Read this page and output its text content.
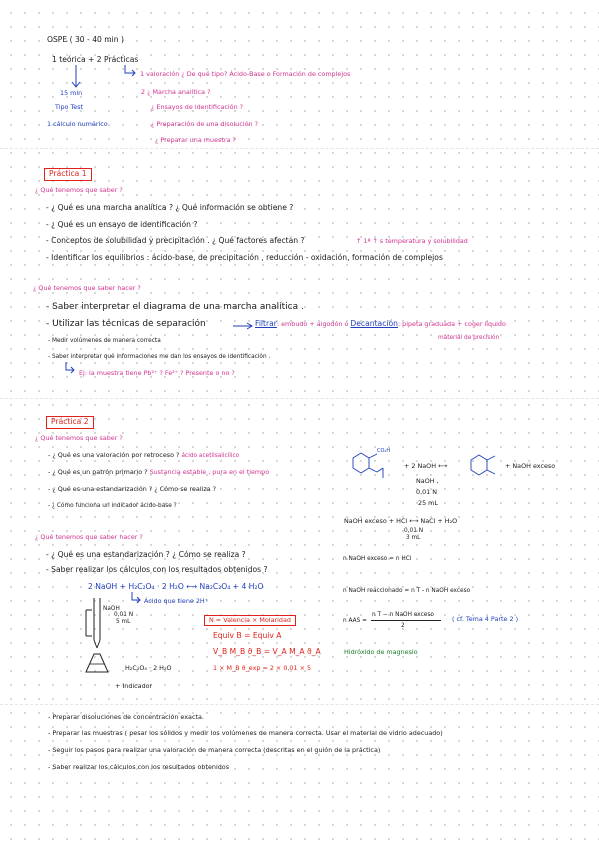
OSPE ( 30 - 40 min )
1 teórica + 2 Prácticas
1 valoración ¿ De qué tipo? Ácido-Base o Formación de complejos
15 min	2 ¿ Marcha analítica ?
Tipo Test	¿ Ensayos de identificación ?
1 cálculo numérico	¿ Preparación de una disolución ?
¿ Preparar una muestra ?
Práctica 1
¿ Qué tenemos que saber ?
- ¿ Qué es una marcha analítica ? ¿ Qué información se obtiene ?
- ¿ Qué es un ensayo de identificación ?
- Conceptos de solubilidad y precipitación . ¿ Qué factores afectan ?	↑ 1ª ↑ s temperatura y solubilidad
- Identificar los equilibrios : ácido-base, de precipitación , reducción - oxidación, formación de complejos
¿ Qué tenemos que saber hacer ?
- Saber interpretar el diagrama de una marcha analítica .
- Utilizar las técnicas de separación	Filtrar: embudo + algodón o Decantación: pipeta graduada + coger líquido
- Medir volúmenes de manera correcta	material de precisión
- Saber interpretar qué informaciones me dan los ensayos de identificación .
Ej: la muestra tiene Pb²⁺ ? Fe²⁺ ? Presente o no ?
Práctica 2
¿ Qué tenemos que saber ?
- ¿ Qué es una valoración por retroceso ? ácido acetilsalicílico
- ¿ Qué es un patrón primario ? Sustancia estable , pura en el tiempo
- ¿ Qué es una estandarización ? ¿ Cómo se realiza ?
- ¿ Cómo funciona un indicador ácido-base ?
¿ Qué tenemos que saber hacer ?
- ¿ Qué es una estandarización ? ¿ Cómo se realiza ?
- Saber realizar los cálculos con los resultados obtenidos ?
2 NaOH + H₂C₂O₄ · 2 H₂O ⟷ Na₂C₂O₄ + 4 H₂O
Ácido que tiene 2H⁺
NaOH
0,01 N
5 mL
H₂C₂O₄ · 2 H₂O
+ Indicador
N = Valencia × Molaridad
Equiv B = Equiv A
V_B M_B ϑ_B = V_A M_A ϑ_A
1 × M_B ϑ_exp = 2 × 0,01 × 5
CO₂H
+ 2 NaOH ⟷	+ NaOH exceso
NaOH ,
0,01 N
25 mL
NaOH exceso + HCl ⟷ NaCl + H₂O
0,01 N
3 mL
n NaOH exceso = n HCl
n NaOH reaccionado = n T - n NaOH exceso
n AAS =
n T − n NaOH exceso
2
( cf. Tema 4 Parte 2 )
Hidróxido de magnesio
- Preparar disoluciones de concentración exacta.
- Preparar las muestras ( pesar los sólidos y medir los volúmenes de manera correcta. Usar el material de vidrio adecuado)
- Seguir los pasos para realizar una valoración de manera correcta (descritas en el guión de la práctica)
- Saber realizar los cálculos con los resultados obtenidos
